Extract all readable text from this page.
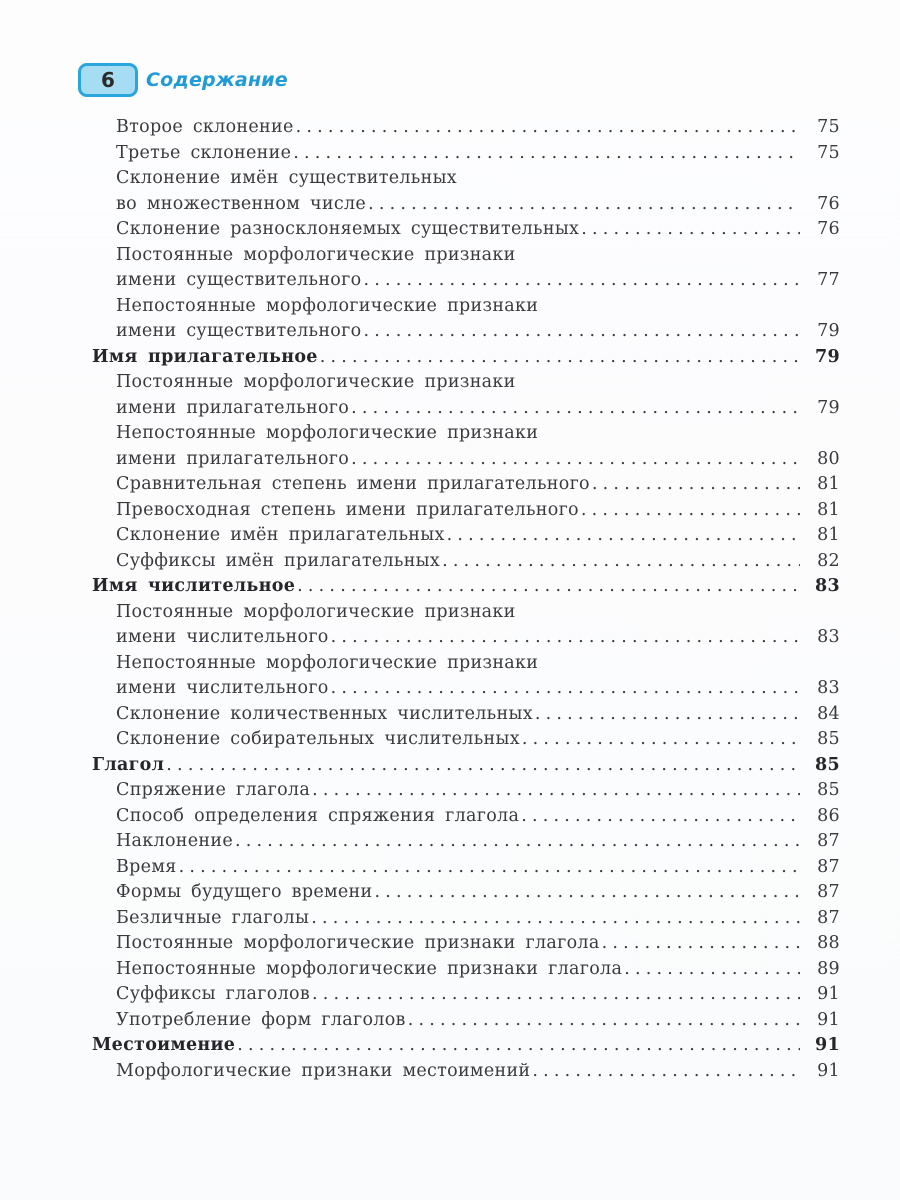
6	Содержание
Второе склонение .....	75
Третье склонение .....	75
Склонение имён существительных
во множественном числе .....	76
Склонение разносклоняемых существительных .....	76
Постоянные морфологические признаки
имени существительного .....	77
Непостоянные морфологические признаки
имени существительного .....	79
Имя прилагательное .....	79
Постоянные морфологические признаки
имени прилагательного .....	79
Непостоянные морфологические признаки
имени прилагательного .....	80
Сравнительная степень имени прилагательного .....	81
Превосходная степень имени прилагательного .....	81
Склонение имён прилагательных .....	81
Суффиксы имён прилагательных .....	82
Имя числительное .....	83
Постоянные морфологические признаки
имени числительного .....	83
Непостоянные морфологические признаки
имени числительного .....	83
Склонение количественных числительных .....	84
Склонение собирательных числительных .....	85
Глагол .....	85
Спряжение глагола .....	85
Способ определения спряжения глагола .....	86
Наклонение .....	87
Время .....	87
Формы будущего времени .....	87
Безличные глаголы .....	87
Постоянные морфологические признаки глагола .....	88
Непостоянные морфологические признаки глагола .....	89
Суффиксы глаголов .....	91
Употребление форм глаголов .....	91
Местоимение .....	91
Морфологические признаки местоимений .....	91
